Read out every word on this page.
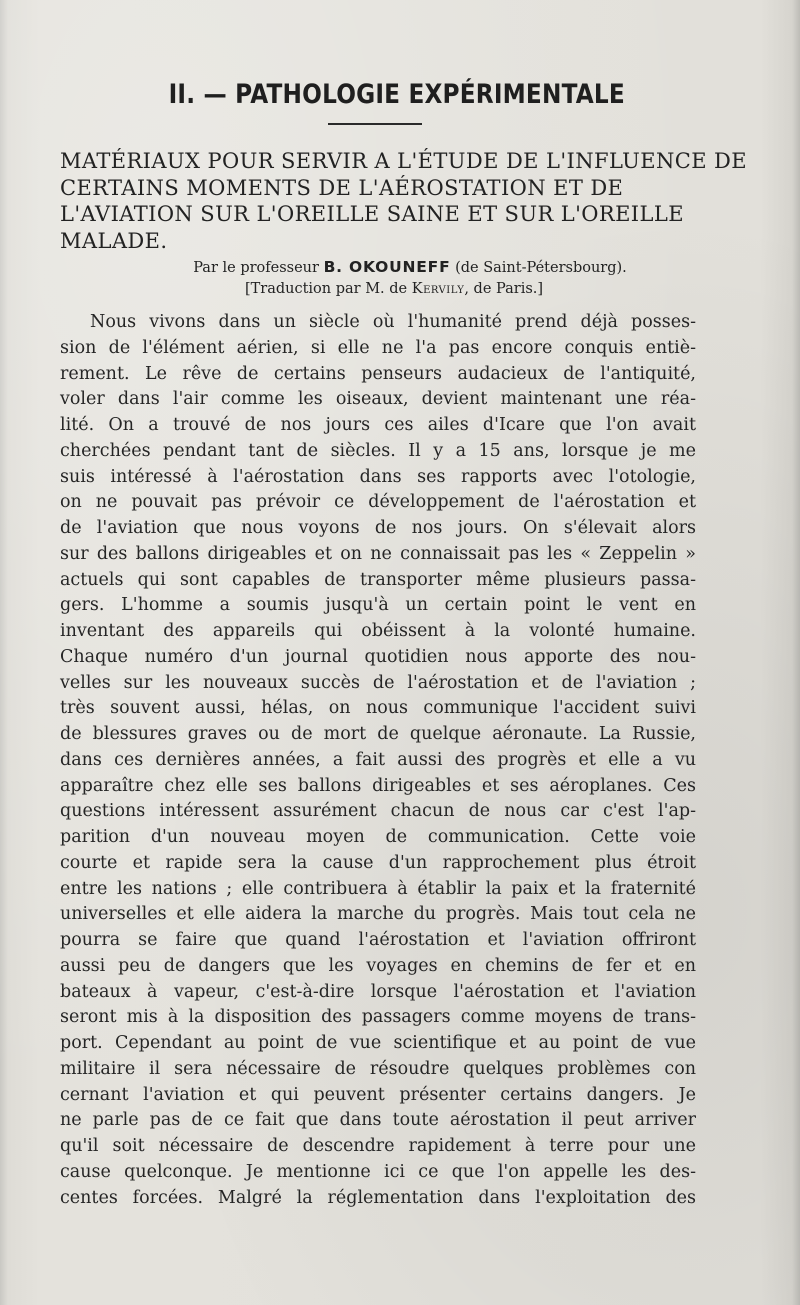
II. — PATHOLOGIE EXPÉRIMENTALE
MATÉRIAUX POUR SERVIR A L'ÉTUDE DE L'INFLUENCE DE CERTAINS MOMENTS DE L'AÉROSTATION ET DE L'AVIATION SUR L'OREILLE SAINE ET SUR L'OREILLE MALADE.
Par le professeur B. OKOUNEFF (de Saint-Pétersbourg).
[Traduction par M. de Kervily, de Paris.]
Nous vivons dans un siècle où l'humanité prend déjà posses-
sion de l'élément aérien, si elle ne l'a pas encore conquis entiè-
rement. Le rêve de certains penseurs audacieux de l'antiquité,
voler dans l'air comme les oiseaux, devient maintenant une réa-
lité. On a trouvé de nos jours ces ailes d'Icare que l'on avait
cherchées pendant tant de siècles. Il y a 15 ans, lorsque je me
suis intéressé à l'aérostation dans ses rapports avec l'otologie,
on ne pouvait pas prévoir ce développement de l'aérostation et
de l'aviation que nous voyons de nos jours. On s'élevait alors
sur des ballons dirigeables et on ne connaissait pas les « Zeppelin »
actuels qui sont capables de transporter même plusieurs passa-
gers. L'homme a soumis jusqu'à un certain point le vent en
inventant des appareils qui obéissent à la volonté humaine.
Chaque numéro d'un journal quotidien nous apporte des nou-
velles sur les nouveaux succès de l'aérostation et de l'aviation ;
très souvent aussi, hélas, on nous communique l'accident suivi
de blessures graves ou de mort de quelque aéronaute. La Russie,
dans ces dernières années, a fait aussi des progrès et elle a vu
apparaître chez elle ses ballons dirigeables et ses aéroplanes. Ces
questions intéressent assurément chacun de nous car c'est l'ap-
parition d'un nouveau moyen de communication. Cette voie
courte et rapide sera la cause d'un rapprochement plus étroit
entre les nations ; elle contribuera à établir la paix et la fraternité
universelles et elle aidera la marche du progrès. Mais tout cela ne
pourra se faire que quand l'aérostation et l'aviation offriront
aussi peu de dangers que les voyages en chemins de fer et en
bateaux à vapeur, c'est-à-dire lorsque l'aérostation et l'aviation
seront mis à la disposition des passagers comme moyens de trans-
port. Cependant au point de vue scientifique et au point de vue
militaire il sera nécessaire de résoudre quelques problèmes con
cernant l'aviation et qui peuvent présenter certains dangers. Je
ne parle pas de ce fait que dans toute aérostation il peut arriver
qu'il soit nécessaire de descendre rapidement à terre pour une
cause quelconque. Je mentionne ici ce que l'on appelle les des-
centes forcées. Malgré la réglementation dans l'exploitation des
